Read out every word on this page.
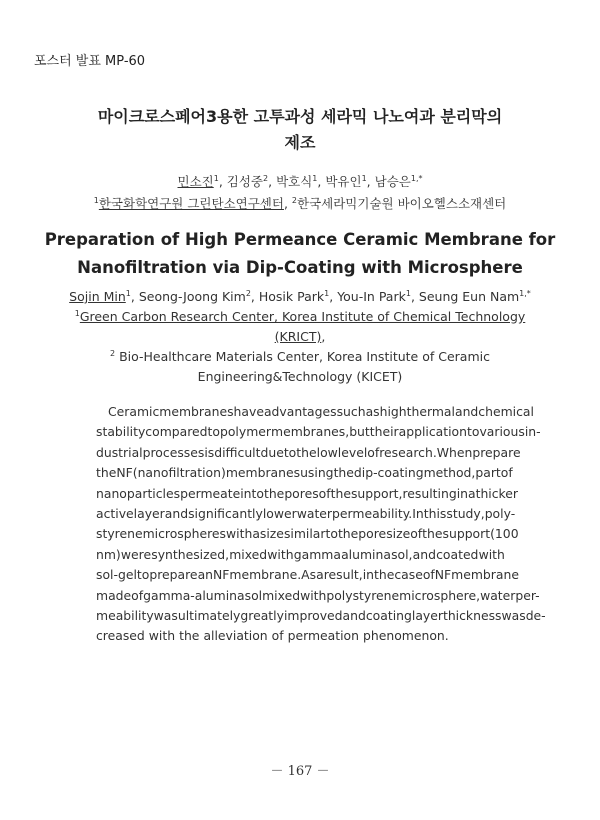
포스터 발표 MP-60
마이크로스페어3용한 고투과성 세라믹 나노여과 분리막의
제조
민소진$^1$, 김성중$^2$, 박호식$^1$, 박유인$^1$, 남승은$^{1,*}$
$^1$한국화학연구원 그린탄소연구센터, $^2$한국세라믹기술원 바이오헬스소재센터
Preparation of High Permeance Ceramic Membrane for
Nanofiltration via Dip-Coating with Microsphere
Sojin Min$^1$, Seong-Joong Kim$^2$, Hosik Park$^1$, You-In Park$^1$, Seung Eun Nam$^{1,*}$
$^1$Green Carbon Research Center, Korea Institute of Chemical Technology
(KRICT),
$^2$ Bio-Healthcare Materials Center, Korea Institute of Ceramic
Engineering&Technology (KICET)
Ceramic membranes have advantages such as high thermal and chemical
stability compared to polymer membranes, but their application to various in-
dustrial processes is difficult due to the low level of research. When prepare
the NF (nanofiltration) membranes using the dip-coating method, part of
nano particles permeate into the pores of the support, resulting in a thicker
active layer and significantly lower water permeability. In this study, poly-
styrene microspheres with a size similar to the pore size of the support (100
nm) were synthesized, mixed with gamma alumina sol, and coated with
sol-gel to prepare an NF membrane. As a result, in the case of NF membrane
made of gamma-alumina sol mixed with polystyrene microsphere, water per-
meability was ultimately greatly improved and coating layer thickness was de-
creased with the alleviation of permeation phenomenon.
－ 167 －
